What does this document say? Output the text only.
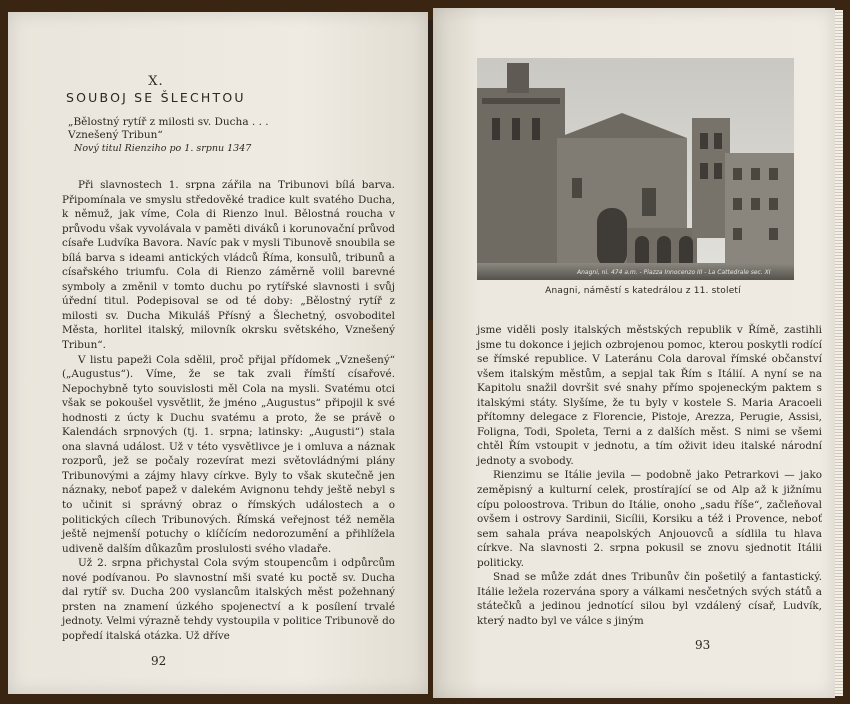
X.
SOUBOJ SE ŠLECHTOU
„Bělostný rytíř z milosti sv. Ducha . . .
Vznešený Tribun“
Nový titul Rienziho po 1. srpnu 1347

Při slavnostech 1. srpna zářila na Tribunovi bílá barva. Připomínala ve smyslu středověké tradice kult svatého Ducha, k němuž, jak víme, Cola di Rienzo lnul. Bělostná roucha v průvodu však vyvolávala v paměti diváků i korunovační průvod císaře Ludvíka Bavora. Navíc pak v mysli Tibunově snoubila se bílá barva s ideami antických vládců Říma, konsulů, tribunů a císařského triumfu. Cola di Rienzo záměrně volil barevné symboly a změnil v tomto duchu po rytířské slavnosti i svůj úřední titul. Podepisoval se od té doby: „Bělostný rytíř z milosti sv. Ducha Mikuláš Přísný a Šlechetný, osvoboditel Města, horlitel italský, milovník okrsku světského, Vznešený Tribun“.

V listu papeži Cola sdělil, proč přijal přídomek „Vznešený“ („Augustus“). Víme, že se tak zvali římští císařové. Nepochybně tyto souvislosti měl Cola na mysli. Svatému otci však se pokoušel vysvětlit, že jméno „Augustus“ připojil k své hodnosti z úcty k Duchu svatému a proto, že se právě o Kalendách srpnových (tj. 1. srpna; latinsky: „Augusti“) stala ona slavná událost. Už v této vysvětlivce je i omluva a náznak rozporů, jež se počaly rozevírat mezi světovládnými plány Tribunovými a zájmy hlavy církve. Byly to však skutečně jen náznaky, neboť papež v dalekém Avignonu tehdy ještě nebyl s to učinit si správný obraz o římských událostech a o politických cílech Tribunových. Římská veřejnost též neměla ještě nejmenší potuchy o klíčícím nedorozumění a přihlížela udiveně dalším důkazům proslulosti svého vladaře.

Už 2. srpna přichystal Cola svým stoupencům i odpůrcům nové podívanou. Po slavnostní mši svaté ku poctě sv. Ducha dal rytíř sv. Ducha 200 vyslancům italských měst požehnaný prsten na znamení úzkého spojenectví a k posílení trvalé jednoty. Velmi výrazně tehdy vystoupila v politice Tribunově do popředí italská otázka. Už dříve

92
Anagni, ni. 474 a.m. - Piazza Innocenzo III - La Cattedrale sec. XI
Anagni, náměstí s katedrálou z 11. století

jsme viděli posly italských městských republik v Římě, zastihli jsme tu dokonce i jejich ozbrojenou pomoc, kterou poskytli rodící se římské republice. V Lateránu Cola daroval římské občanství všem italským městům, a sepjal tak Řím s Itálií. A nyní se na Kapitolu snažil dovršit své snahy přímo spojeneckým paktem s italskými státy. Slyšíme, že tu byly v kostele S. Maria Aracoeli přítomny delegace z Florencie, Pistoje, Arezza, Perugie, Assisi, Foligna, Todi, Spoleta, Terni a z dalších měst. S nimi se všemi chtěl Řím vstoupit v jednotu, a tím oživit ideu italské národní jednoty a svobody.

Rienzimu se Itálie jevila — podobně jako Petrarkovi — jako zeměpisný a kulturní celek, prostírající se od Alp až k jižnímu cípu poloostrova. Tribun do Itálie, onoho „sadu říše“, začleňoval ovšem i ostrovy Sardinii, Sicílii, Korsiku a též i Provence, neboť sem sahala práva neapolských Anjouovců a sídlila tu hlava církve. Na slavnosti 2. srpna pokusil se znovu sjednotit Itálii politicky.

Snad se může zdát dnes Tribunův čin pošetilý a fantastický. Itálie ležela rozervána spory a válkami nesčetných svých států a státečků a jedinou jednotící silou byl vzdálený císař, Ludvík, který nadto byl ve válce s jiným

93
